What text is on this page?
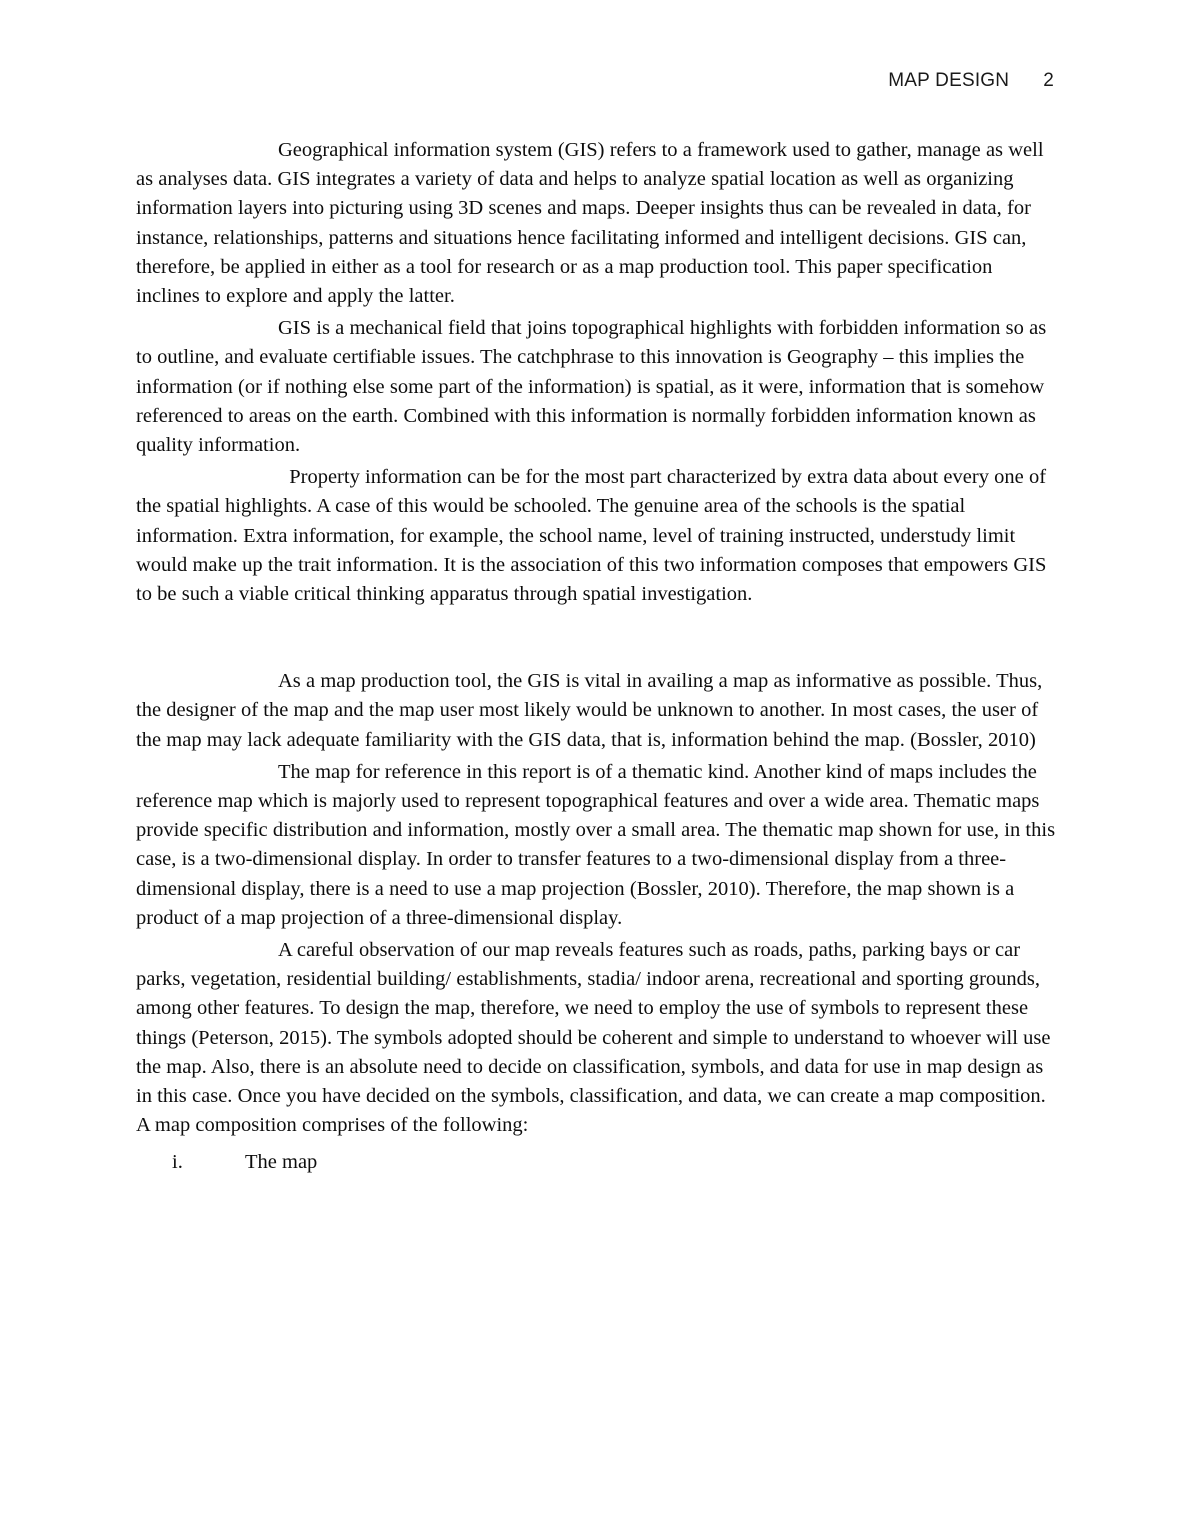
MAP DESIGN 2

Geographical information system (GIS) refers to a framework used to gather, manage as well as analyses data. GIS integrates a variety of data and helps to analyze spatial location as well as organizing information layers into picturing using 3D scenes and maps. Deeper insights thus can be revealed in data, for instance, relationships, patterns and situations hence facilitating informed and intelligent decisions. GIS can, therefore, be applied in either as a tool for research or as a map production tool. This paper specification inclines to explore and apply the latter.

GIS is a mechanical field that joins topographical highlights with forbidden information so as to outline, and evaluate certifiable issues. The catchphrase to this innovation is Geography – this implies the information (or if nothing else some part of the information) is spatial, as it were, information that is somehow referenced to areas on the earth. Combined with this information is normally forbidden information known as quality information.

Property information can be for the most part characterized by extra data about every one of the spatial highlights. A case of this would be schooled. The genuine area of the schools is the spatial information. Extra information, for example, the school name, level of training instructed, understudy limit would make up the trait information. It is the association of this two information composes that empowers GIS to be such a viable critical thinking apparatus through spatial investigation.

As a map production tool, the GIS is vital in availing a map as informative as possible. Thus, the designer of the map and the map user most likely would be unknown to another. In most cases, the user of the map may lack adequate familiarity with the GIS data, that is, information behind the map. (Bossler, 2010)

The map for reference in this report is of a thematic kind. Another kind of maps includes the reference map which is majorly used to represent topographical features and over a wide area. Thematic maps provide specific distribution and information, mostly over a small area. The thematic map shown for use, in this case, is a two-dimensional display. In order to transfer features to a two-dimensional display from a three-dimensional display, there is a need to use a map projection (Bossler, 2010). Therefore, the map shown is a product of a map projection of a three-dimensional display.

A careful observation of our map reveals features such as roads, paths, parking bays or car parks, vegetation, residential building/ establishments, stadia/ indoor arena, recreational and sporting grounds, among other features. To design the map, therefore, we need to employ the use of symbols to represent these things (Peterson, 2015). The symbols adopted should be coherent and simple to understand to whoever will use the map. Also, there is an absolute need to decide on classification, symbols, and data for use in map design as in this case. Once you have decided on the symbols, classification, and data, we can create a map composition. A map composition comprises of the following:

i.	The map
